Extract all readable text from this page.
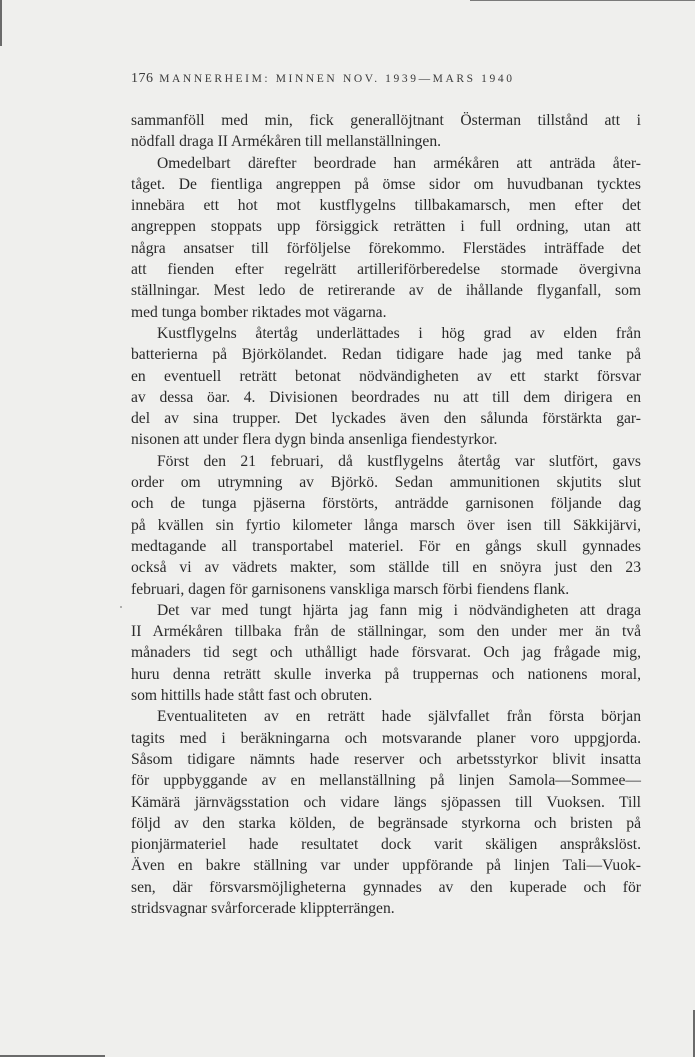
176 MANNERHEIM: MINNEN NOV. 1939—MARS 1940
sammanföll med min, fick generallöjtnant Österman tillstånd att i
nödfall draga II Armékåren till mellanställningen.
Omedelbart därefter beordrade han armékåren att anträda åter-
tåget. De fientliga angreppen på ömse sidor om huvudbanan tycktes
innebära ett hot mot kustflygelns tillbakamarsch, men efter det
angreppen stoppats upp försiggick reträtten i full ordning, utan att
några ansatser till förföljelse förekommo. Flerstädes inträffade det
att fienden efter regelrätt artilleriförberedelse stormade övergivna
ställningar. Mest ledo de retirerande av de ihållande flyganfall, som
med tunga bomber riktades mot vägarna.
Kustflygelns återtåg underlättades i hög grad av elden från
batterierna på Björkölandet. Redan tidigare hade jag med tanke på
en eventuell reträtt betonat nödvändigheten av ett starkt försvar
av dessa öar. 4. Divisionen beordrades nu att till dem dirigera en
del av sina trupper. Det lyckades även den sålunda förstärkta gar-
nisonen att under flera dygn binda ansenliga fiendestyrkor.
Först den 21 februari, då kustflygelns återtåg var slutfört, gavs
order om utrymning av Björkö. Sedan ammunitionen skjutits slut
och de tunga pjäserna förstörts, anträdde garnisonen följande dag
på kvällen sin fyrtio kilometer långa marsch över isen till Säkkijärvi,
medtagande all transportabel materiel. För en gångs skull gynnades
också vi av vädrets makter, som ställde till en snöyra just den 23
februari, dagen för garnisonens vanskliga marsch förbi fiendens flank.
Det var med tungt hjärta jag fann mig i nödvändigheten att draga
II Armékåren tillbaka från de ställningar, som den under mer än två
månaders tid segt och uthålligt hade försvarat. Och jag frågade mig,
huru denna reträtt skulle inverka på truppernas och nationens moral,
som hittills hade stått fast och obruten.
Eventualiteten av en reträtt hade självfallet från första början
tagits med i beräkningarna och motsvarande planer voro uppgjorda.
Såsom tidigare nämnts hade reserver och arbetsstyrkor blivit insatta
för uppbyggande av en mellanställning på linjen Samola—Sommee—
Kämärä järnvägsstation och vidare längs sjöpassen till Vuoksen. Till
följd av den starka kölden, de begränsade styrkorna och bristen på
pionjärmateriel hade resultatet dock varit skäligen anspråkslöst.
Även en bakre ställning var under uppförande på linjen Tali—Vuok-
sen, där försvarsmöjligheterna gynnades av den kuperade och för
stridsvagnar svårforcerade klippterrängen.
